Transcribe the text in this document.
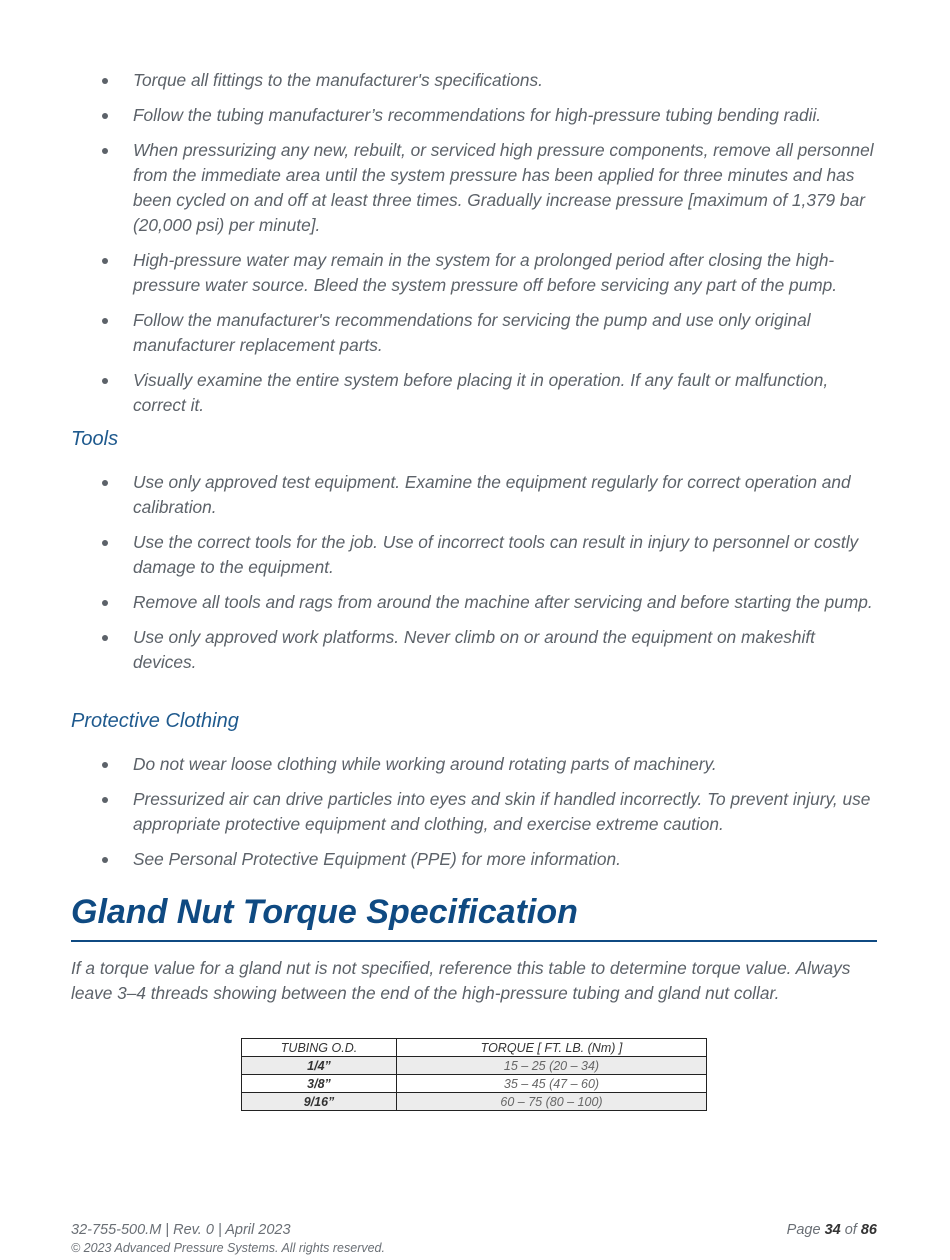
Torque all fittings to the manufacturer's specifications.
Follow the tubing manufacturer’s recommendations for high-pressure tubing bending radii.
When pressurizing any new, rebuilt, or serviced high pressure components, remove all personnel from the immediate area until the system pressure has been applied for three minutes and has been cycled on and off at least three times. Gradually increase pressure [maximum of 1,379 bar (20,000 psi) per minute].
High-pressure water may remain in the system for a prolonged period after closing the high-pressure water source. Bleed the system pressure off before servicing any part of the pump.
Follow the manufacturer's recommendations for servicing the pump and use only original manufacturer replacement parts.
Visually examine the entire system before placing it in operation. If any fault or malfunction, correct it.
Tools
Use only approved test equipment. Examine the equipment regularly for correct operation and calibration.
Use the correct tools for the job. Use of incorrect tools can result in injury to personnel or costly damage to the equipment.
Remove all tools and rags from around the machine after servicing and before starting the pump.
Use only approved work platforms. Never climb on or around the equipment on makeshift devices.
Protective Clothing
Do not wear loose clothing while working around rotating parts of machinery.
Pressurized air can drive particles into eyes and skin if handled incorrectly. To prevent injury, use appropriate protective equipment and clothing, and exercise extreme caution.
See Personal Protective Equipment (PPE) for more information.
Gland Nut Torque Specification

If a torque value for a gland nut is not specified, reference this table to determine torque value. Always leave 3–4 threads showing between the end of the high-pressure tubing and gland nut collar.

TUBING O.D.	TORQUE [ FT. LB. (Nm) ]
1/4”	15 – 25 (20 – 34)
3/8”	35 – 45 (47 – 60)
9/16”	60 – 75 (80 – 100)
32-755-500.M | Rev. 0 | April 2023
© 2023 Advanced Pressure Systems. All rights reserved.
Page 34 of 86
